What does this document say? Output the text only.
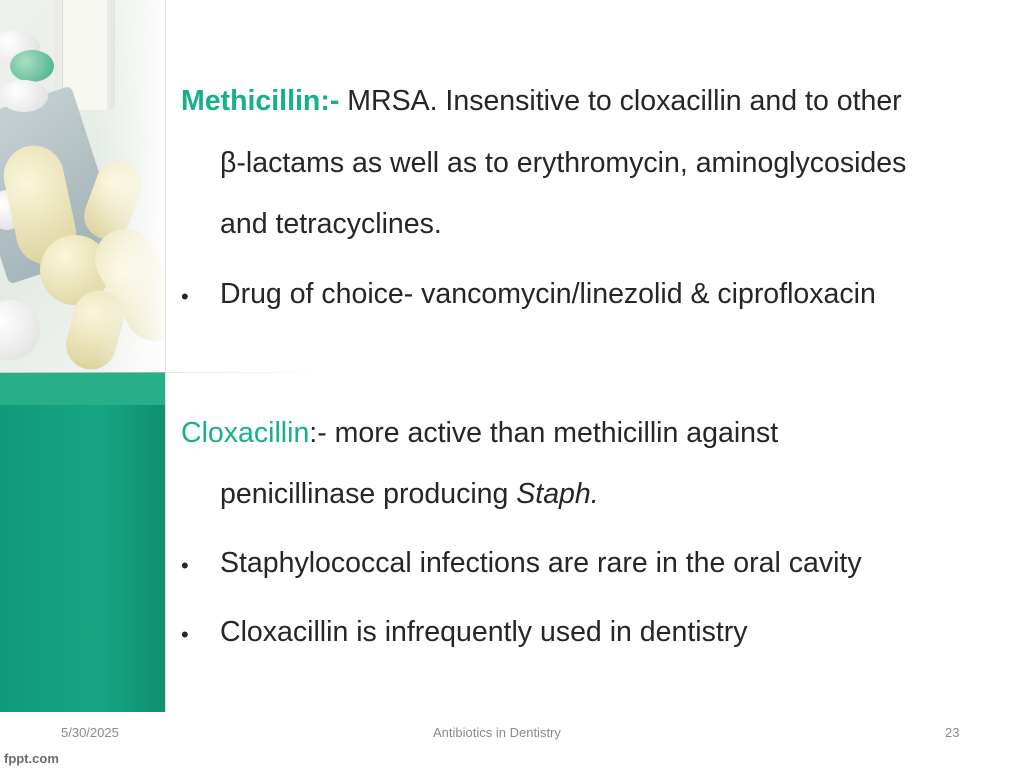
Methicillin:- MRSA. Insensitive to cloxacillin and to other
β-lactams as well as to erythromycin, aminoglycosides
and tetracyclines.
• Drug of choice- vancomycin/linezolid & ciprofloxacin
Cloxacillin:- more active than methicillin against
penicillinase producing Staph.
• Staphylococcal infections are rare in the oral cavity
• Cloxacillin is infrequently used in dentistry
5/30/2025	Antibiotics in Dentistry	23
fppt.com
